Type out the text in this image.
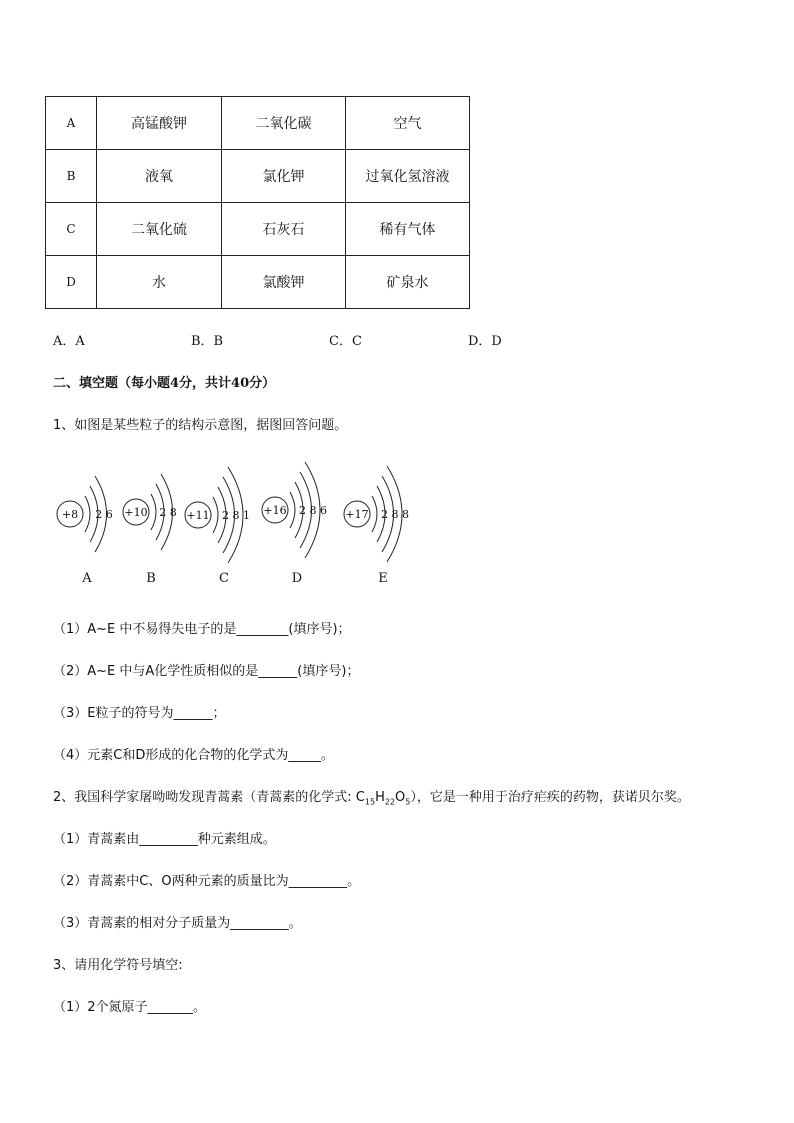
A	高锰酸钾	二氧化碳	空气
B	液氧	氯化钾	过氧化氢溶液
C	二氧化硫	石灰石	稀有气体
D	水	氯酸钾	矿泉水
A．A	B．B	C．C	D．D
二、填空题（每小题4分，共计40分）
1、如图是某些粒子的结构示意图，据图回答问题。
+8 2 6 +10 2 8 +11 2 8 1 +16 2 8 6 +17 2 8 8
A	B	C	D	E
（1）A~E 中不易得失电子的是________(填序号)；
（2）A~E 中与A化学性质相似的是______(填序号)；
（3）E粒子的符号为______；
（4）元素C和D形成的化合物的化学式为_____。
2、我国科学家屠呦呦发现青蒿素（青蒿素的化学式: $C_{15}H_{22}O_5$），它是一种用于治疗疟疾的药物，获诺贝尔奖。
（1）青蒿素由_________种元素组成。
（2）青蒿素中C、O两种元素的质量比为_________。
（3）青蒿素的相对分子质量为_________。
3、请用化学符号填空:
（1）2个氮原子_______。
